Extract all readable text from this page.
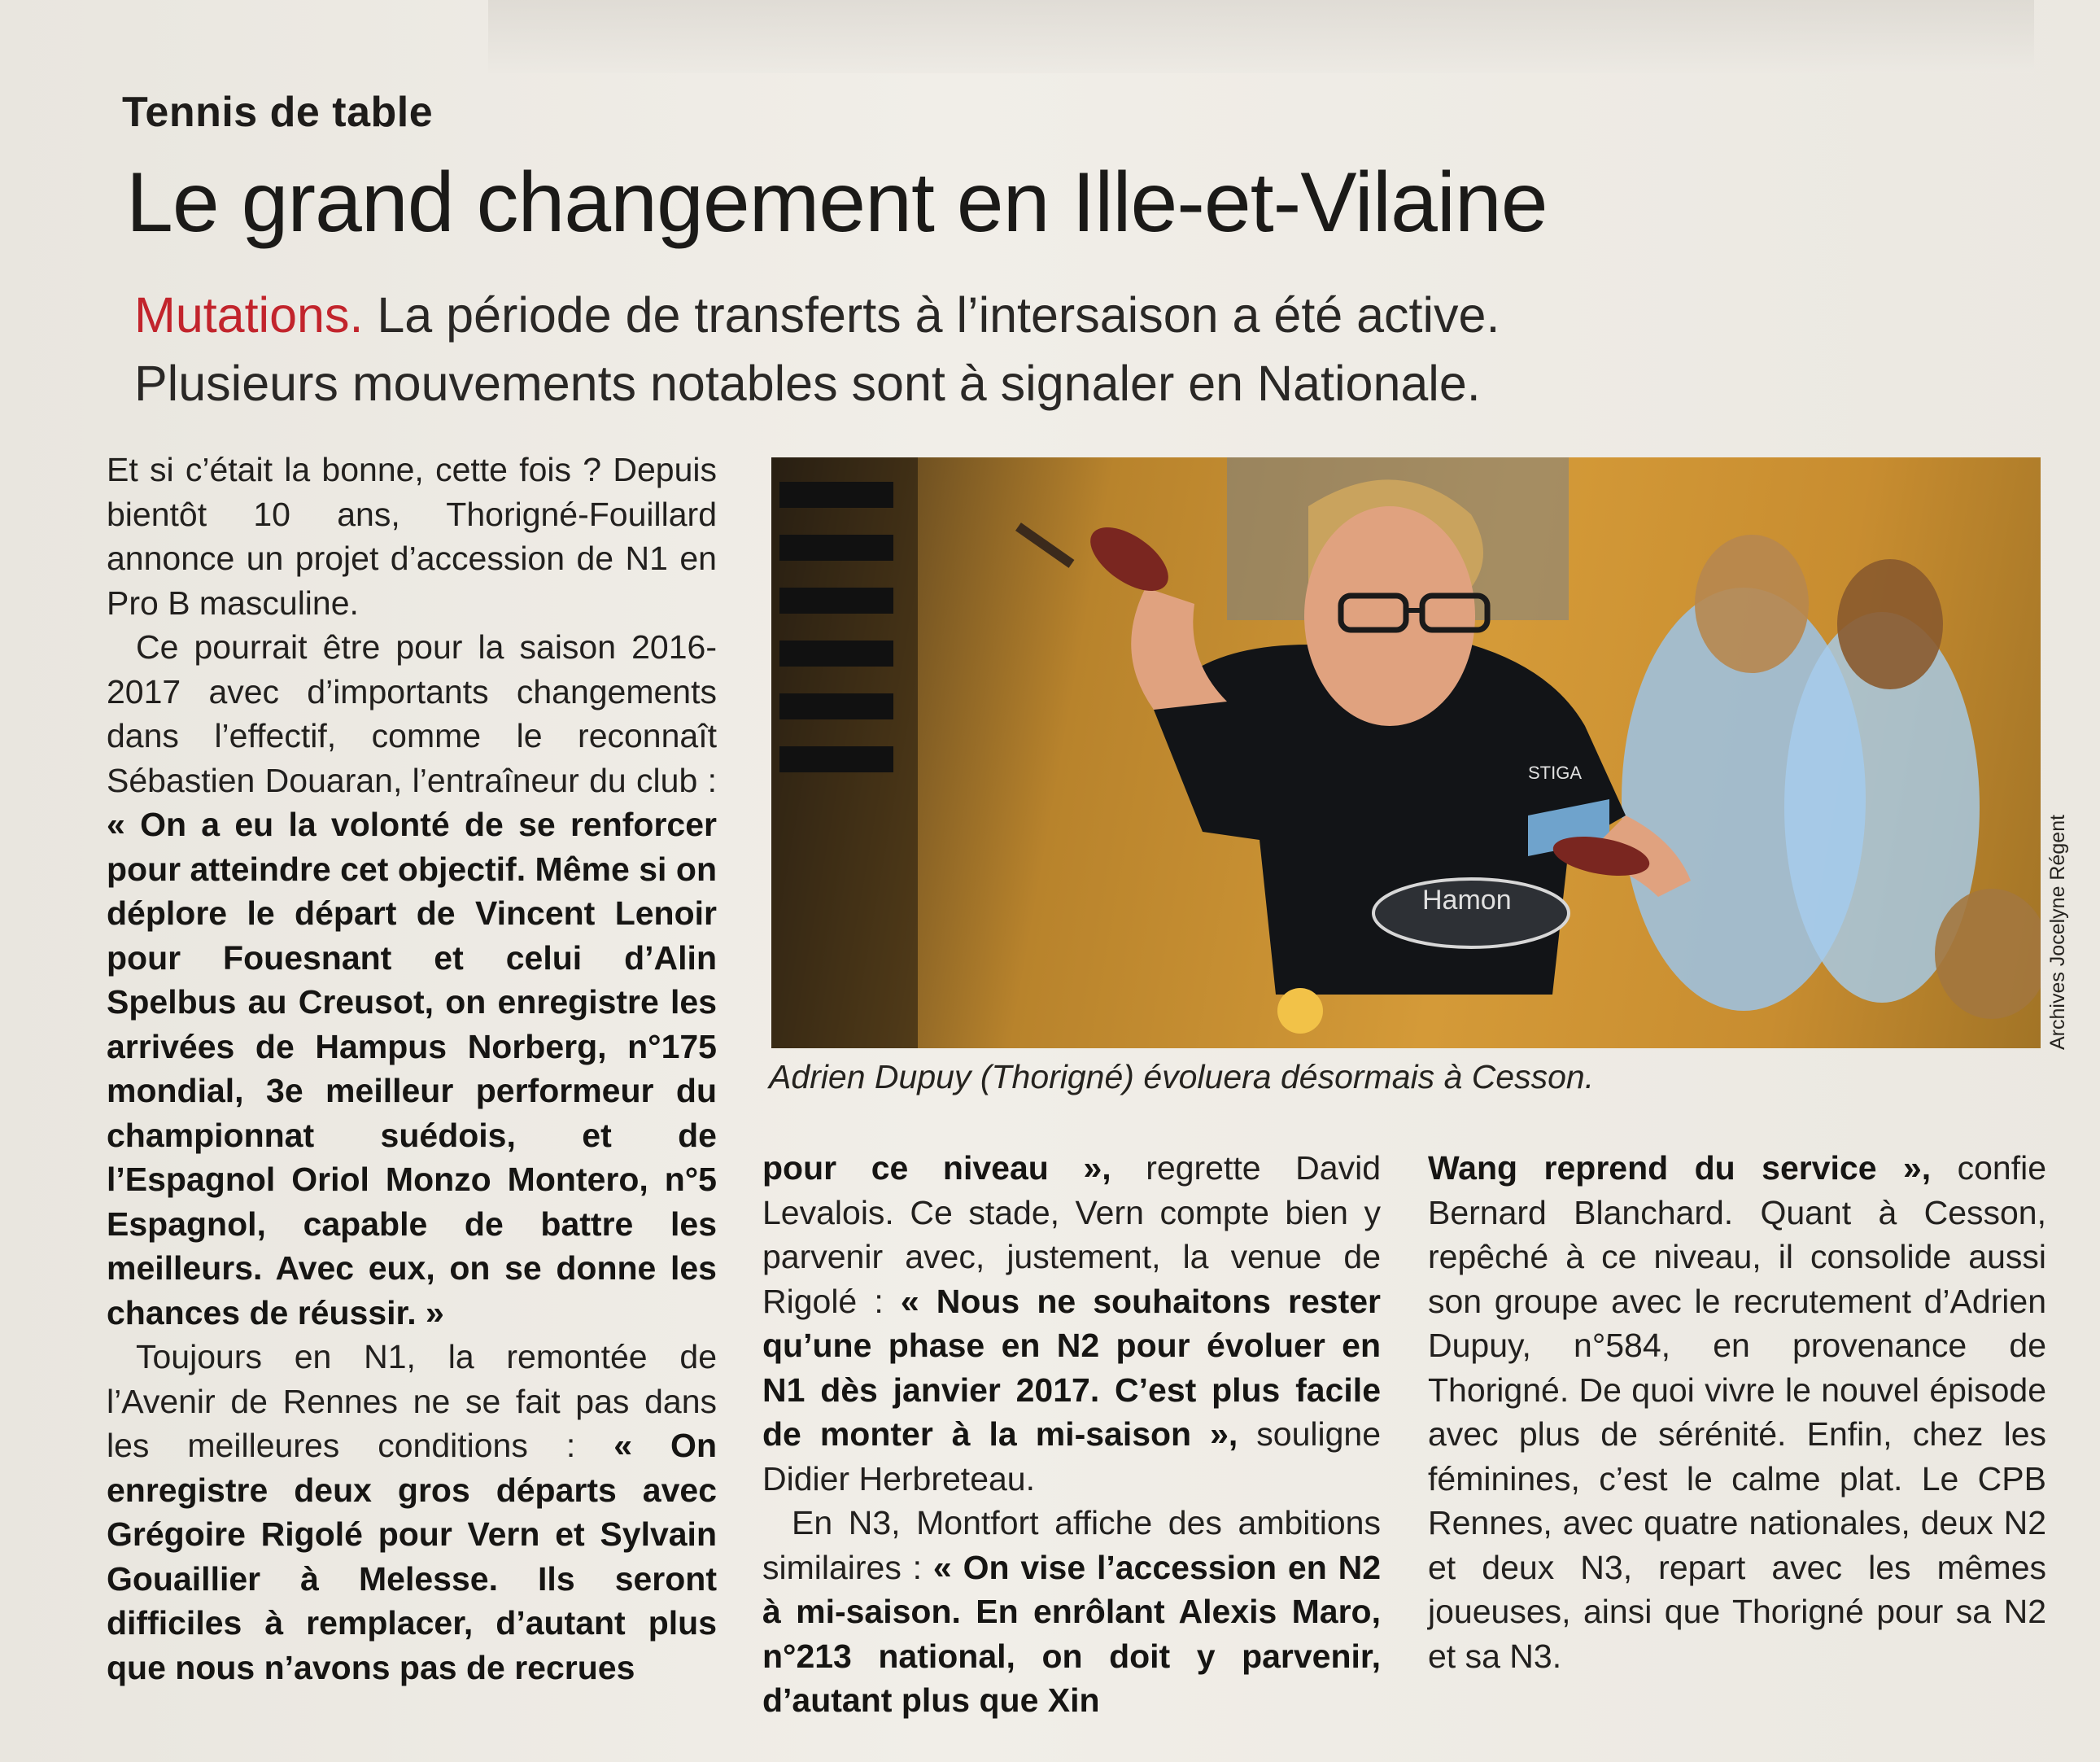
Tennis de table
Le grand changement en Ille-et-Vilaine
Mutations. La période de transferts à l’intersaison a été active.
Plusieurs mouvements notables sont à signaler en Nationale.

Et si c’était la bonne, cette fois ? Depuis bientôt 10 ans, Thorigné-Fouillard annonce un projet d’accession de N1 en Pro B masculine.

Ce pourrait être pour la saison 2016-2017 avec d’importants changements dans l’effectif, comme le reconnaît Sébastien Douaran, l’entraîneur du club : « On a eu la volonté de se renforcer pour atteindre cet objectif. Même si on déplore le départ de Vincent Lenoir pour Fouesnant et celui d’Alin Spelbus au Creusot, on enregistre les arrivées de Hampus Norberg, n°175 mondial, 3e meilleur performeur du championnat suédois, et de l’Espagnol Oriol Monzo Montero, n°5 Espagnol, capable de battre les meilleurs. Avec eux, on se donne les chances de réussir. »

Toujours en N1, la remontée de l’Avenir de Rennes ne se fait pas dans les meilleures conditions : « On enregistre deux gros départs avec Grégoire Rigolé pour Vern et Sylvain Gouaillier à Melesse. Ils seront difficiles à remplacer, d’autant plus que nous n’avons pas de recrues

Hamon
STIGA
Adrien Dupuy (Thorigné) évoluera désormais à Cesson.
Archives Jocelyne Régent

pour ce niveau », regrette David Levalois. Ce stade, Vern compte bien y parvenir avec, justement, la venue de Rigolé : « Nous ne souhaitons rester qu’une phase en N2 pour évoluer en N1 dès janvier 2017. C’est plus facile de monter à la mi-saison », souligne Didier Herbreteau.

En N3, Montfort affiche des ambitions similaires : « On vise l’accession en N2 à mi-saison. En enrôlant Alexis Maro, n°213 national, on doit y parvenir, d’autant plus que Xin

Wang reprend du service », confie Bernard Blanchard. Quant à Cesson, repêché à ce niveau, il consolide aussi son groupe avec le recrutement d’Adrien Dupuy, n°584, en provenance de Thorigné. De quoi vivre le nouvel épisode avec plus de sérénité. Enfin, chez les féminines, c’est le calme plat. Le CPB Rennes, avec quatre nationales, deux N2 et deux N3, repart avec les mêmes joueuses, ainsi que Thorigné pour sa N2 et sa N3.
